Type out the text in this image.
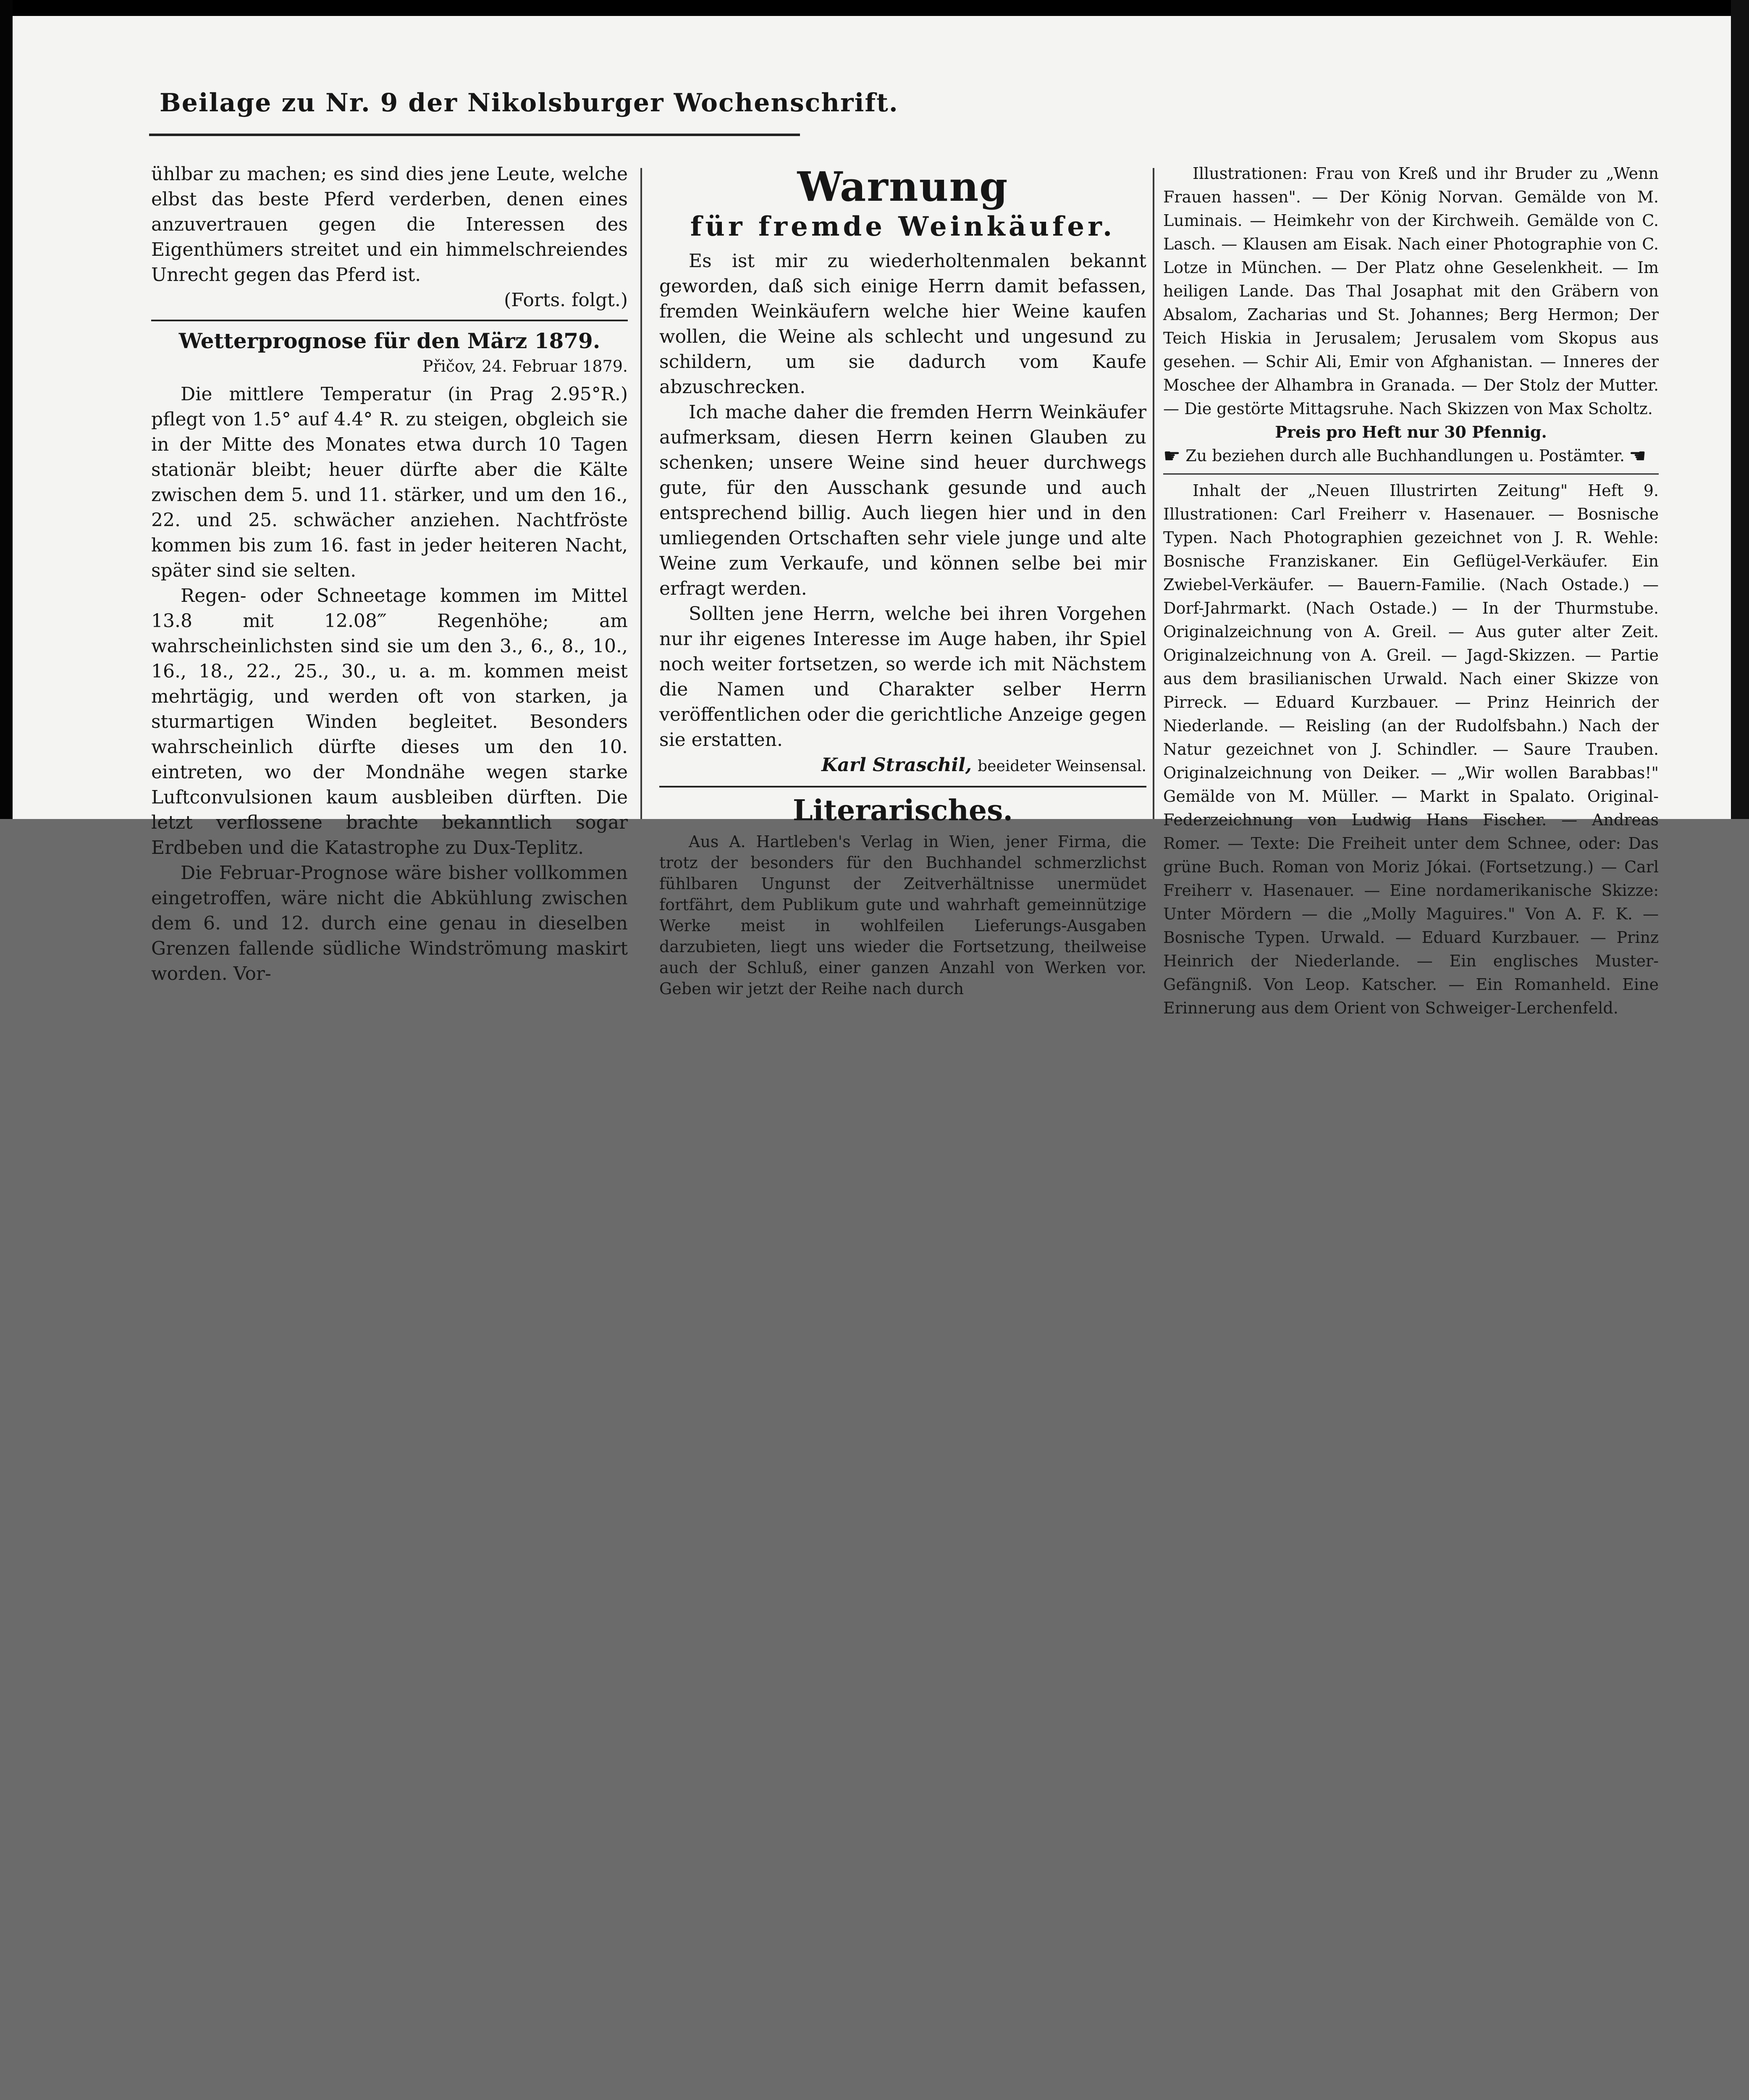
Beilage zu Nr. 9 der Nikolsburger Wochenschrift.

ühlbar zu machen; es sind dies jene Leute, welche elbst das beste Pferd verderben, denen eines anzuvertrauen gegen die Interessen des Eigenthümers streitet und ein himmelschreiendes Unrecht gegen das Pferd ist.

(Forts. folgt.)

Wetterprognose für den März 1879.
Přičov, 24. Februar 1879.

Die mittlere Temperatur (in Prag 2.95°R.) pflegt von 1.5° auf 4.4° R. zu steigen, obgleich sie in der Mitte des Monates etwa durch 10 Tagen stationär bleibt; heuer dürfte aber die Kälte zwischen dem 5. und 11. stärker, und um den 16., 22. und 25. schwächer anziehen. Nachtfröste kommen bis zum 16. fast in jeder heiteren Nacht, später sind sie selten.

Regen- oder Schneetage kommen im Mittel 13.8 mit 12.08‴ Regenhöhe; am wahrscheinlichsten sind sie um den 3., 6., 8., 10., 16., 18., 22., 25., 30., u. a. m. kommen meist mehrtägig, und werden oft von starken, ja sturmartigen Winden begleitet. Besonders wahrscheinlich dürfte dieses um den 10. eintreten, wo der Mondnähe wegen starke Luftconvulsionen kaum ausbleiben dürften. Die letzt verflossene brachte bekanntlich sogar Erdbeben und die Katastrophe zu Dux-Teplitz.

Die Februar-Prognose wäre bisher vollkommen eingetroffen, wäre nicht die Abkühlung zwischen dem 6. und 12. durch eine genau in dieselben Grenzen fallende südliche Windströmung maskirt worden. Vor-

Warnung
für fremde Weinkäufer.

Es ist mir zu wiederholtenmalen bekannt geworden, daß sich einige Herrn damit befassen, fremden Weinkäufern welche hier Weine kaufen wollen, die Weine als schlecht und ungesund zu schildern, um sie dadurch vom Kaufe abzuschrecken.

Ich mache daher die fremden Herrn Weinkäufer aufmerksam, diesen Herrn keinen Glauben zu schenken; unsere Weine sind heuer durchwegs gute, für den Ausschank gesunde und auch entsprechend billig. Auch liegen hier und in den umliegenden Ortschaften sehr viele junge und alte Weine zum Verkaufe, und können selbe bei mir erfragt werden.

Sollten jene Herrn, welche bei ihren Vorgehen nur ihr eigenes Interesse im Auge haben, ihr Spiel noch weiter fortsetzen, so werde ich mit Nächstem die Namen und Charakter selber Herrn veröffentlichen oder die gerichtliche Anzeige gegen sie erstatten.

Karl Straschil, beeideter Weinsensal.
Literarisches.

Aus A. Hartleben's Verlag in Wien, jener Firma, die trotz der besonders für den Buchhandel schmerzlichst fühlbaren Ungunst der Zeitverhältnisse unermüdet fortfährt, dem Publikum gute und wahrhaft gemeinnützige Werke meist in wohlfeilen Lieferungs-Ausgaben darzubieten, liegt uns wieder die Fortsetzung, theilweise auch der Schluß, einer ganzen Anzahl von Werken vor. Geben wir jetzt der Reihe nach durch

Illustrationen: Frau von Kreß und ihr Bruder zu „Wenn Frauen hassen". — Der König Norvan. Gemälde von M. Luminais. — Heimkehr von der Kirchweih. Gemälde von C. Lasch. — Klausen am Eisak. Nach einer Photographie von C. Lotze in München. — Der Platz ohne Geselenkheit. — Im heiligen Lande. Das Thal Josaphat mit den Gräbern von Absalom, Zacharias und St. Johannes; Berg Hermon; Der Teich Hiskia in Jerusalem; Jerusalem vom Skopus aus gesehen. — Schir Ali, Emir von Afghanistan. — Inneres der Moschee der Alhambra in Granada. — Der Stolz der Mutter. — Die gestörte Mittagsruhe. Nach Skizzen von Max Scholtz.

Preis pro Heft nur 30 Pfennig.

☛ Zu beziehen durch alle Buchhandlungen u. Postämter. ☛

Inhalt der „Neuen Illustrirten Zeitung" Heft 9. Illustrationen: Carl Freiherr v. Hasenauer. — Bosnische Typen. Nach Photographien gezeichnet von J. R. Wehle: Bosnische Franziskaner. Ein Geflügel-Verkäufer. Ein Zwiebel-Verkäufer. — Bauern-Familie. (Nach Ostade.) — Dorf-Jahrmarkt. (Nach Ostade.) — In der Thurmstube. Originalzeichnung von A. Greil. — Aus guter alter Zeit. Originalzeichnung von A. Greil. — Jagd-Skizzen. — Partie aus dem brasilianischen Urwald. Nach einer Skizze von Pirreck. — Eduard Kurzbauer. — Prinz Heinrich der Niederlande. — Reisling (an der Rudolfsbahn.) Nach der Natur gezeichnet von J. Schindler. — Saure Trauben. Originalzeichnung von Deiker. — „Wir wollen Barabbas!" Gemälde von M. Müller. — Markt in Spalato. Original-Federzeichnung von Ludwig Hans Fischer. — Andreas Romer. — Texte: Die Freiheit unter dem Schnee, oder: Das grüne Buch. Roman von Moriz Jókai. (Fortsetzung.) — Carl Freiherr v. Hasenauer. — Eine nordamerikanische Skizze: Unter Mördern — die „Molly Maguires." Von A. F. K. — Bosnische Typen. Urwald. — Eduard Kurzbauer. — Prinz Heinrich der Niederlande. — Ein englisches Muster-Gefängniß. Von Leop. Katscher. — Ein Romanheld. Eine Erinnerung aus dem Orient von Schweiger-Lerchenfeld.
